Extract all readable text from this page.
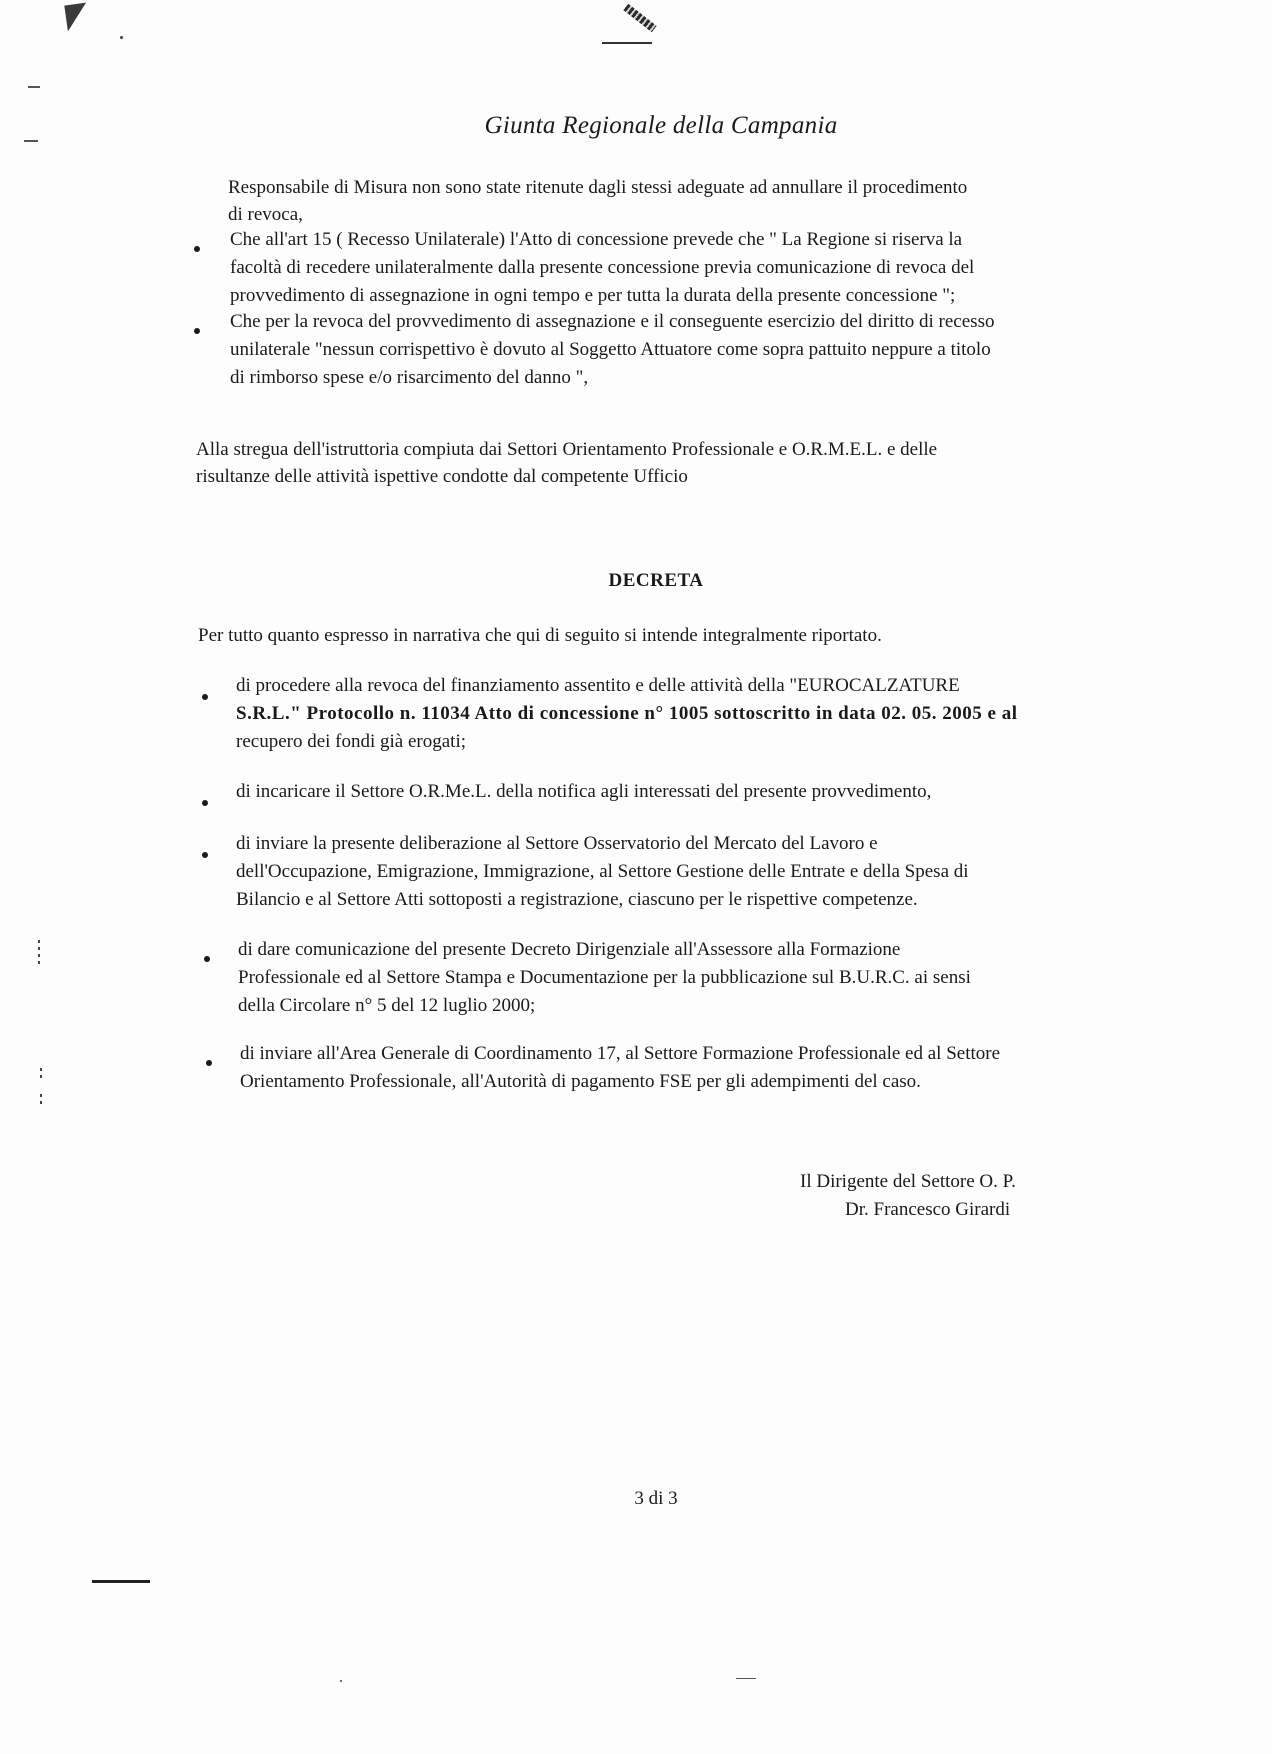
Giunta Regionale della Campania
Responsabile di Misura non sono state ritenute dagli stessi adeguate ad annullare il procedimento
di revoca,
Che all'art 15 ( Recesso Unilaterale) l'Atto di concessione prevede che " La Regione si riserva la
facoltà di recedere unilateralmente dalla presente concessione previa comunicazione di revoca del
provvedimento di assegnazione in ogni tempo e per tutta la durata della presente concessione ";
Che per la revoca del provvedimento di assegnazione e il conseguente esercizio del diritto di recesso
unilaterale "nessun corrispettivo è dovuto al Soggetto Attuatore come sopra pattuito neppure a titolo
di rimborso spese e/o risarcimento del danno ",
Alla stregua dell'istruttoria compiuta dai Settori Orientamento Professionale e O.R.M.E.L. e delle
risultanze delle attività ispettive condotte dal competente Ufficio
DECRETA
Per tutto quanto espresso in narrativa che qui di seguito si intende integralmente riportato.
di procedere alla revoca del finanziamento assentito e delle attività della "EUROCALZATURE
S.R.L." Protocollo n. 11034 Atto di concessione n° 1005 sottoscritto in data 02. 05. 2005 e al
recupero dei fondi già erogati;
di incaricare il Settore O.R.Me.L. della notifica agli interessati del presente provvedimento,
di inviare la presente deliberazione al Settore Osservatorio del Mercato del Lavoro e
dell'Occupazione, Emigrazione, Immigrazione, al Settore Gestione delle Entrate e della Spesa di
Bilancio e al Settore Atti sottoposti a registrazione, ciascuno per le rispettive competenze.
di dare comunicazione del presente Decreto Dirigenziale all'Assessore alla Formazione
Professionale ed al Settore Stampa e Documentazione per la pubblicazione sul B.U.R.C. ai sensi
della Circolare n° 5 del 12 luglio 2000;
di inviare all'Area Generale di Coordinamento 17, al Settore Formazione Professionale ed al Settore
Orientamento Professionale, all'Autorità di pagamento FSE per gli adempimenti del caso.
Il Dirigente del Settore O. P.
Dr. Francesco Girardi
3 di 3
